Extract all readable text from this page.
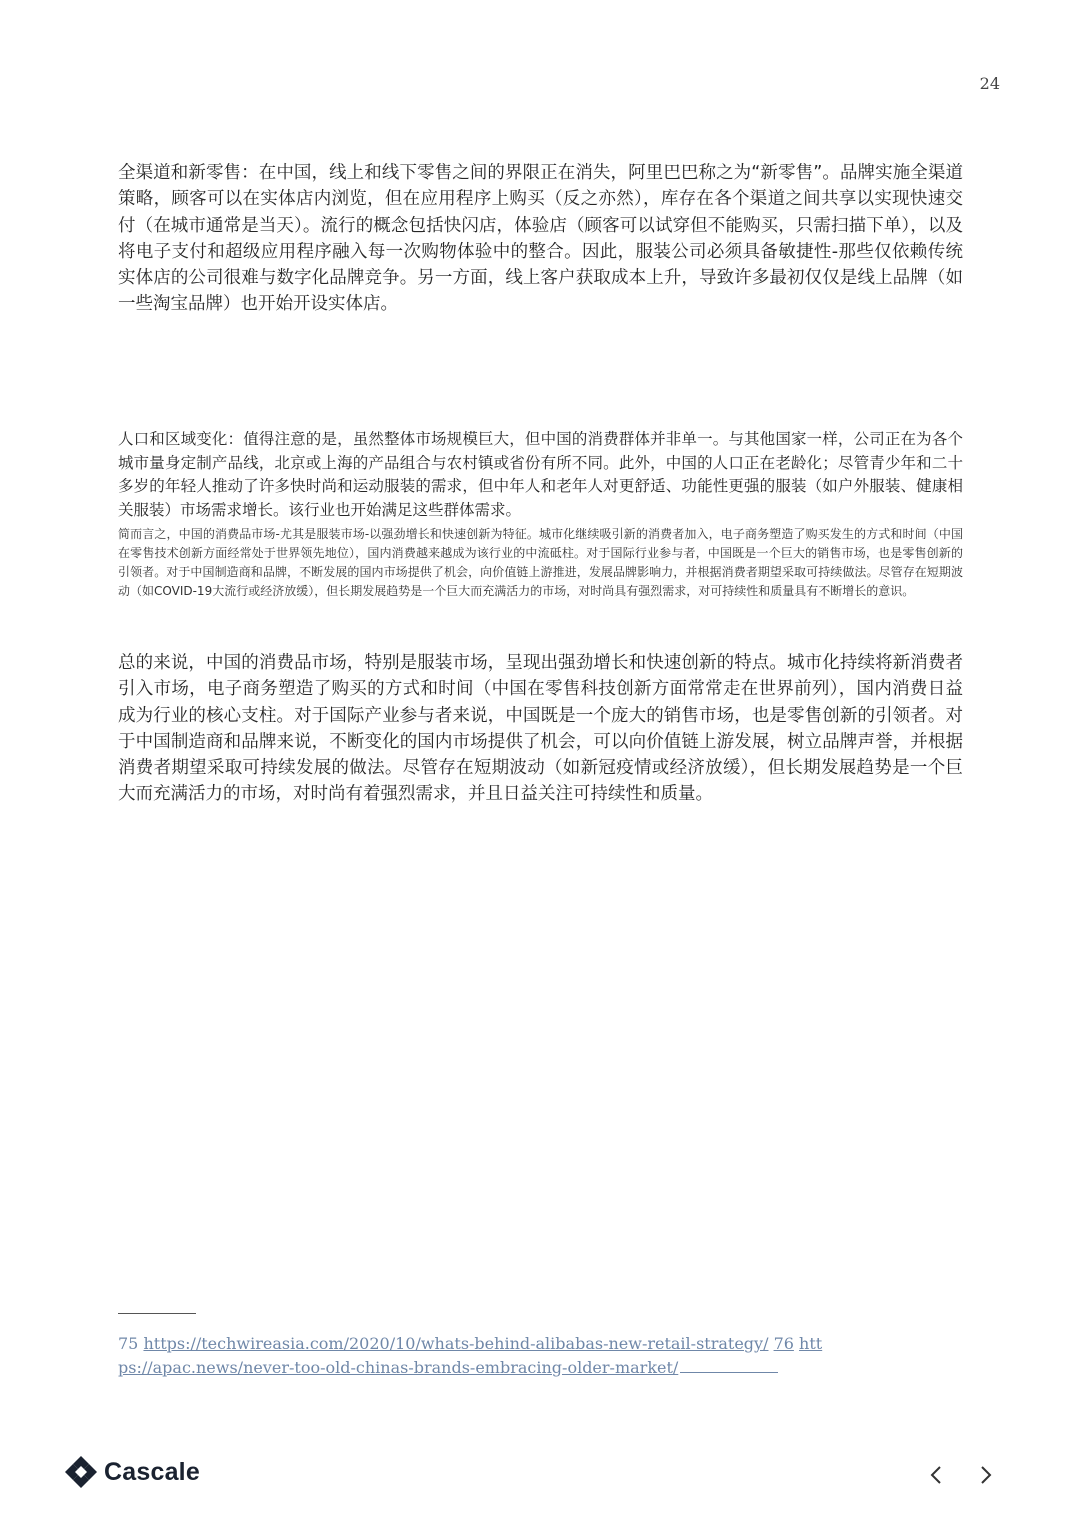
24

全渠道和新零售：在中国，线上和线下零售之间的界限正在消失，阿里巴巴称之为“新零售”。品牌实施全渠道策略，顾客可以在实体店内浏览，但在应用程序上购买（反之亦然），库存在各个渠道之间共享以实现快速交付（在城市通常是当天）。流行的概念包括快闪店，体验店（顾客可以试穿但不能购买，只需扫描下单），以及将电子支付和超级应用程序融入每一次购物体验中的整合。因此，服装公司必须具备敏捷性-那些仅依赖传统实体店的公司很难与数字化品牌竞争。另一方面，线上客户获取成本上升，导致许多最初仅仅是线上品牌（如一些淘宝品牌）也开始开设实体店。

人口和区域变化：值得注意的是，虽然整体市场规模巨大，但中国的消费群体并非单一。与其他国家一样，公司正在为各个城市量身定制产品线，北京或上海的产品组合与农村镇或省份有所不同。此外，中国的人口正在老龄化；尽管青少年和二十多岁的年轻人推动了许多快时尚和运动服装的需求，但中年人和老年人对更舒适、功能性更强的服装（如户外服装、健康相关服装）市场需求增长。该行业也开始满足这些群体需求。

简而言之，中国的消费品市场-尤其是服装市场-以强劲增长和快速创新为特征。城市化继续吸引新的消费者加入，电子商务塑造了购买发生的方式和时间（中国在零售技术创新方面经常处于世界领先地位），国内消费越来越成为该行业的中流砥柱。对于国际行业参与者，中国既是一个巨大的销售市场，也是零售创新的引领者。对于中国制造商和品牌，不断发展的国内市场提供了机会，向价值链上游推进，发展品牌影响力，并根据消费者期望采取可持续做法。尽管存在短期波动（如COVID-19大流行或经济放缓），但长期发展趋势是一个巨大而充满活力的市场，对时尚具有强烈需求，对可持续性和质量具有不断增长的意识。

总的来说，中国的消费品市场，特别是服装市场，呈现出强劲增长和快速创新的特点。城市化持续将新消费者引入市场，电子商务塑造了购买的方式和时间（中国在零售科技创新方面常常走在世界前列），国内消费日益成为行业的核心支柱。对于国际产业参与者来说，中国既是一个庞大的销售市场，也是零售创新的引领者。对于中国制造商和品牌来说，不断变化的国内市场提供了机会，可以向价值链上游发展，树立品牌声誉，并根据消费者期望采取可持续发展的做法。尽管存在短期波动（如新冠疫情或经济放缓），但长期发展趋势是一个巨大而充满活力的市场，对时尚有着强烈需求，并且日益关注可持续性和质量。

75 https://techwireasia.com/2020/10/whats-behind-alibabas-new-retail-strategy/ 76 htt
ps://apac.news/never-too-old-chinas-brands-embracing-older-market/
Cascale
